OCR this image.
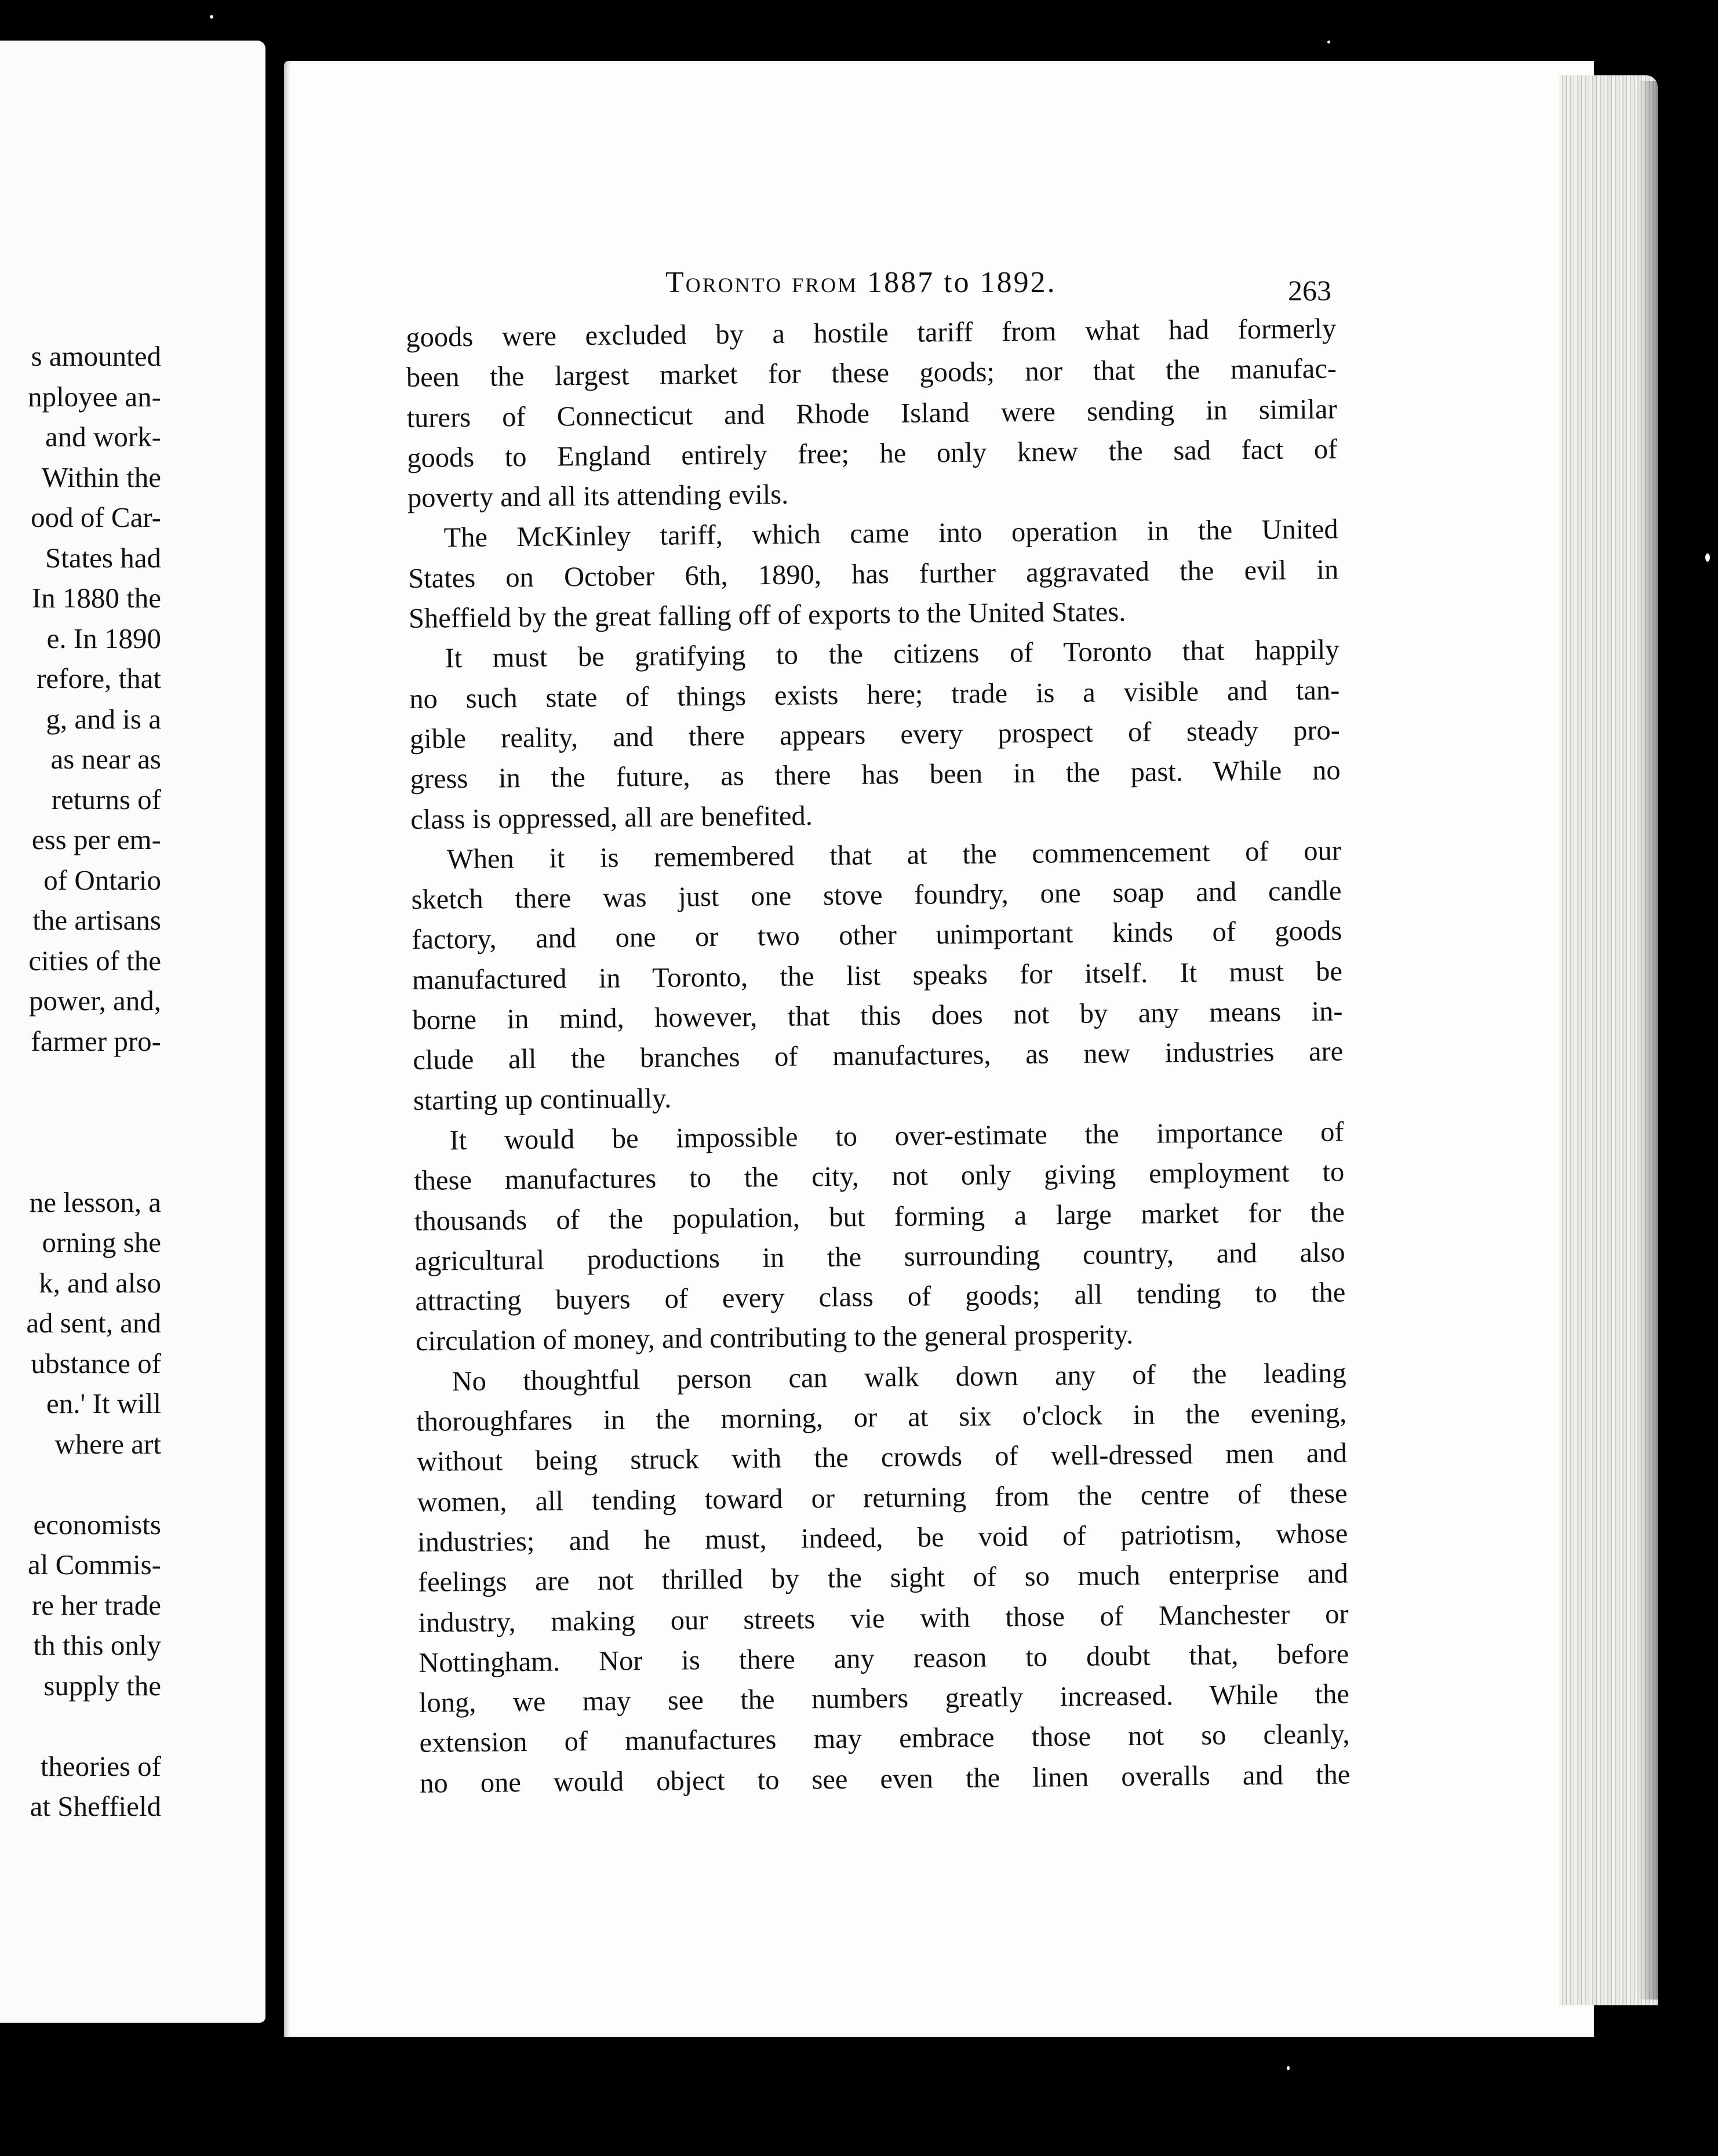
s amounted
nployee an-
and work-
Within the
ood of Car-
States had
In 1880 the
e. In 1890
refore, that
g, and is a
as near as
returns of
ess per em-
of Ontario
the artisans
cities of the
power, and,
farmer pro-
ne lesson, a
orning she
k, and also
ad sent, and
ubstance of
en.' It will
where art
economists
al Commis-
re her trade
th this only
supply the
theories of
at Sheffield
Toronto from 1887 to 1892.	263
goods were excluded by a hostile tariff from what had formerly
been the largest market for these goods; nor that the manufac-
turers of Connecticut and Rhode Island were sending in similar
goods to England entirely free; he only knew the sad fact of
poverty and all its attending evils.
The McKinley tariff, which came into operation in the United
States on October 6th, 1890, has further aggravated the evil in
Sheffield by the great falling off of exports to the United States.
It must be gratifying to the citizens of Toronto that happily
no such state of things exists here; trade is a visible and tan-
gible reality, and there appears every prospect of steady pro-
gress in the future, as there has been in the past. While no
class is oppressed, all are benefited.
When it is remembered that at the commencement of our
sketch there was just one stove foundry, one soap and candle
factory, and one or two other unimportant kinds of goods
manufactured in Toronto, the list speaks for itself. It must be
borne in mind, however, that this does not by any means in-
clude all the branches of manufactures, as new industries are
starting up continually.
It would be impossible to over-estimate the importance of
these manufactures to the city, not only giving employment to
thousands of the population, but forming a large market for the
agricultural productions in the surrounding country, and also
attracting buyers of every class of goods; all tending to the
circulation of money, and contributing to the general prosperity.
No thoughtful person can walk down any of the leading
thoroughfares in the morning, or at six o'clock in the evening,
without being struck with the crowds of well-dressed men and
women, all tending toward or returning from the centre of these
industries; and he must, indeed, be void of patriotism, whose
feelings are not thrilled by the sight of so much enterprise and
industry, making our streets vie with those of Manchester or
Nottingham. Nor is there any reason to doubt that, before
long, we may see the numbers greatly increased. While the
extension of manufactures may embrace those not so cleanly,
no one would object to see even the linen overalls and the
